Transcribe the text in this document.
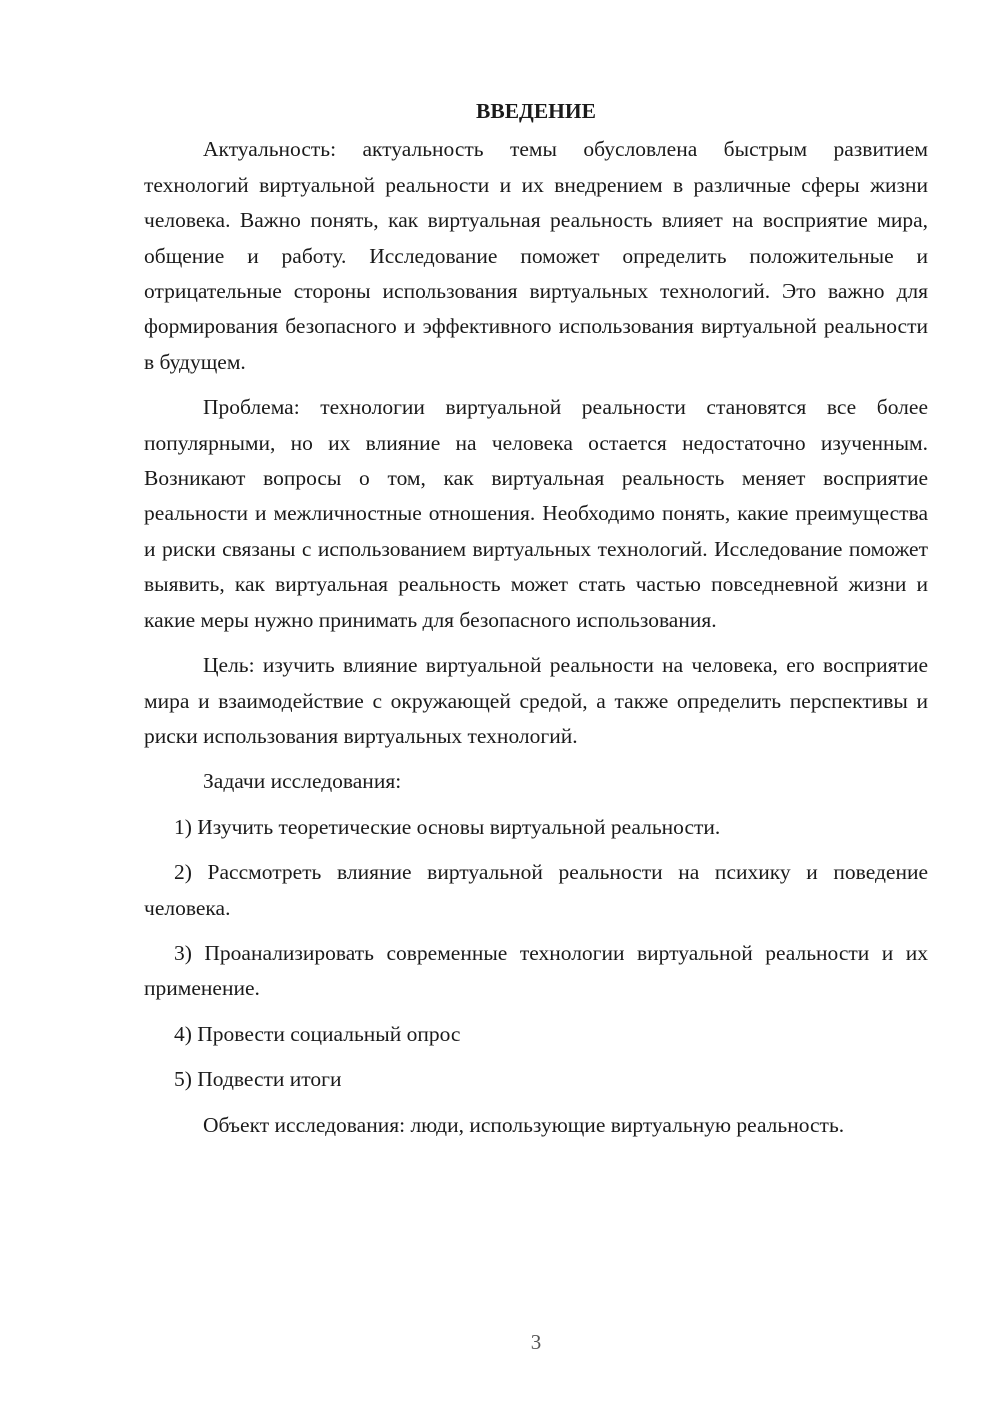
ВВЕДЕНИЕ

Актуальность: актуальность темы обусловлена быстрым развитием технологий виртуальной реальности и их внедрением в различные сферы жизни человека. Важно понять, как виртуальная реальность влияет на восприятие мира, общение и работу. Исследование поможет определить положительные и отрицательные стороны использования виртуальных технологий. Это важно для формирования безопасного и эффективного использования виртуальной реальности в будущем.

Проблема: технологии виртуальной реальности становятся все более популярными, но их влияние на человека остается недостаточно изученным. Возникают вопросы о том, как виртуальная реальность меняет восприятие реальности и межличностные отношения. Необходимо понять, какие преимущества и риски связаны с использованием виртуальных технологий. Исследование поможет выявить, как виртуальная реальность может стать частью повседневной жизни и какие меры нужно принимать для безопасного использования.

Цель: изучить влияние виртуальной реальности на человека, его восприятие мира и взаимодействие с окружающей средой, а также определить перспективы и риски использования виртуальных технологий.

Задачи исследования:

1) Изучить теоретические основы виртуальной реальности.

2) Рассмотреть влияние виртуальной реальности на психику и поведение человека.

3) Проанализировать современные технологии виртуальной реальности и их применение.

4) Провести социальный опрос

5) Подвести итоги

Объект исследования: люди, использующие виртуальную реальность.

3
